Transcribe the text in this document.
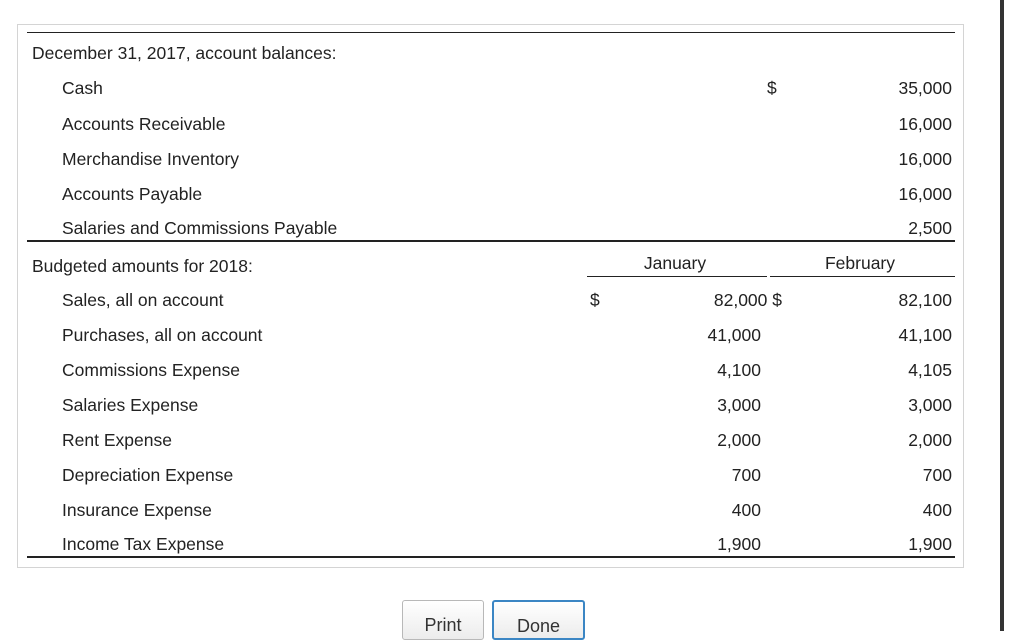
December 31, 2017, account balances:
Cash	$	35,000
Accounts Receivable	16,000
Merchandise Inventory	16,000
Accounts Payable	16,000
Salaries and Commissions Payable	2,500
Budgeted amounts for 2018:	January	February
Sales, all on account	$	82,000 $	82,100
Purchases, all on account	41,000	41,100
Commissions Expense	4,100	4,105
Salaries Expense	3,000	3,000
Rent Expense	2,000	2,000
Depreciation Expense	700	700
Insurance Expense	400	400
Income Tax Expense	1,900	1,900
Print	Done
